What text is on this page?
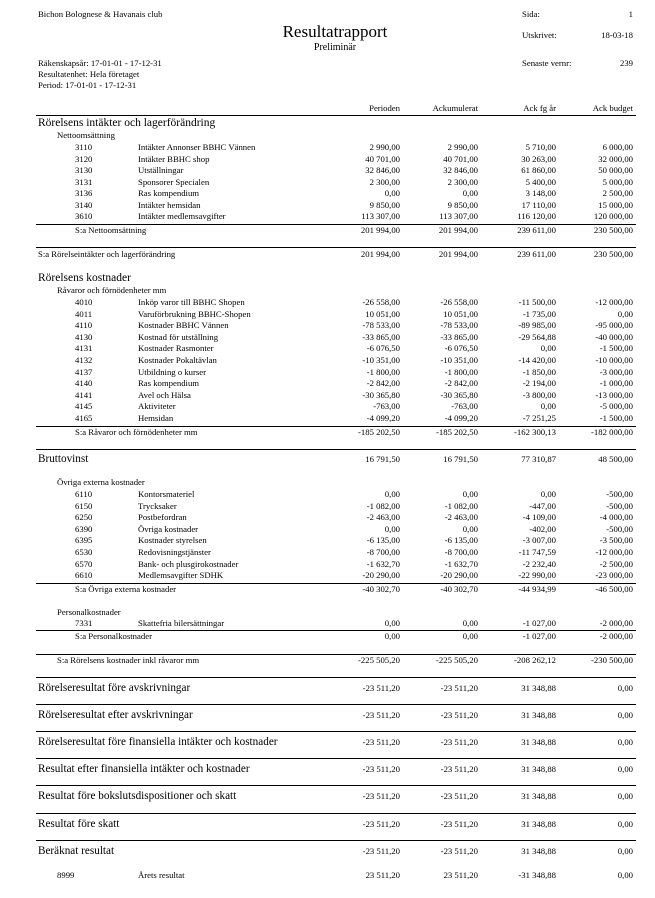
Bichon Bolognese & Havanais club
Resultatrapport
Preliminär
Sida:	1
Utskrivet:	18-03-18
Senaste vernr:	239
Räkenskapsår: 17-01-01 - 17-12-31
Resultatenhet: Hela företaget
Period: 17-01-01 - 17-12-31
Perioden	Ackumulerat	Ack fg år	Ack budget
Rörelsens intäkter och lagerförändring
Nettoomsättning
3110	Intäkter Annonser BBHC Vännen	2 990,00	2 990,00	5 710,00	6 000,00
3120	Intäkter BBHC shop	40 701,00	40 701,00	30 263,00	32 000,00
3130	Utställningar	32 846,00	32 846,00	61 860,00	50 000,00
3131	Sponsorer Specialen	2 300,00	2 300,00	5 400,00	5 000,00
3136	Ras kompendium	0,00	0,00	3 148,00	2 500,00
3140	Intäkter hemsidan	9 850,00	9 850,00	17 110,00	15 000,00
3610	Intäkter medlemsavgifter	113 307,00	113 307,00	116 120,00	120 000,00
S:a Nettoomsättning	201 994,00	201 994,00	239 611,00	230 500,00
S:a Rörelseintäkter och lagerförändring	201 994,00	201 994,00	239 611,00	230 500,00
Rörelsens kostnader
Råvaror och förnödenheter mm
4010	Inköp varor till BBHC Shopen	-26 558,00	-26 558,00	-11 500,00	-12 000,00
4011	Varuförbrukning BBHC-Shopen	10 051,00	10 051,00	-1 735,00	0,00
4110	Kostnader BBHC Vännen	-78 533,00	-78 533,00	-89 985,00	-95 000,00
4130	Kostnad för utställning	-33 865,00	-33 865,00	-29 564,88	-40 000,00
4131	Kostnader Rasmonter	-6 076,50	-6 076,50	0,00	-1 500,00
4132	Kostnader Pokaltävlan	-10 351,00	-10 351,00	-14 420,00	-10 000,00
4137	Utbildning o kurser	-1 800,00	-1 800,00	-1 850,00	-3 000,00
4140	Ras kompendium	-2 842,00	-2 842,00	-2 194,00	-1 000,00
4141	Avel och Hälsa	-30 365,80	-30 365,80	-3 800,00	-13 000,00
4145	Aktiviteter	-763,00	-763,00	0,00	-5 000,00
4165	Hemsidan	-4 099,20	-4 099,20	-7 251,25	-1 500,00
S:a Råvaror och förnödenheter mm	-185 202,50	-185 202,50	-162 300,13	-182 000,00
Bruttovinst	16 791,50	16 791,50	77 310,87	48 500,00
Övriga externa kostnader
6110	Kontorsmateriel	0,00	0,00	0,00	-500,00
6150	Trycksaker	-1 082,00	-1 082,00	-447,00	-500,00
6250	Postbefordran	-2 463,00	-2 463,00	-4 109,00	-4 000,00
6390	Övriga kostnader	0,00	0,00	-402,00	-500,00
6395	Kostnader styrelsen	-6 135,00	-6 135,00	-3 007,00	-3 500,00
6530	Redovisningstjänster	-8 700,00	-8 700,00	-11 747,59	-12 000,00
6570	Bank- och plusgirokostnader	-1 632,70	-1 632,70	-2 232,40	-2 500,00
6610	Medlemsavgifter SDHK	-20 290,00	-20 290,00	-22 990,00	-23 000,00
S:a Övriga externa kostnader	-40 302,70	-40 302,70	-44 934,99	-46 500,00
Personalkostnader
7331	Skattefria bilersättningar	0,00	0,00	-1 027,00	-2 000,00
S:a Personalkostnader	0,00	0,00	-1 027,00	-2 000,00
S:a Rörelsens kostnader inkl råvaror mm	-225 505,20	-225 505,20	-208 262,12	-230 500,00
Rörelseresultat före avskrivningar	-23 511,20	-23 511,20	31 348,88	0,00
Rörelseresultat efter avskrivningar	-23 511,20	-23 511,20	31 348,88	0,00
Rörelseresultat före finansiella intäkter och kostnader	-23 511,20	-23 511,20	31 348,88	0,00
Resultat efter finansiella intäkter och kostnader	-23 511,20	-23 511,20	31 348,88	0,00
Resultat före bokslutsdispositioner och skatt	-23 511,20	-23 511,20	31 348,88	0,00
Resultat före skatt	-23 511,20	-23 511,20	31 348,88	0,00
Beräknat resultat	-23 511,20	-23 511,20	31 348,88	0,00
8999	Årets resultat	23 511,20	23 511,20	-31 348,88	0,00
